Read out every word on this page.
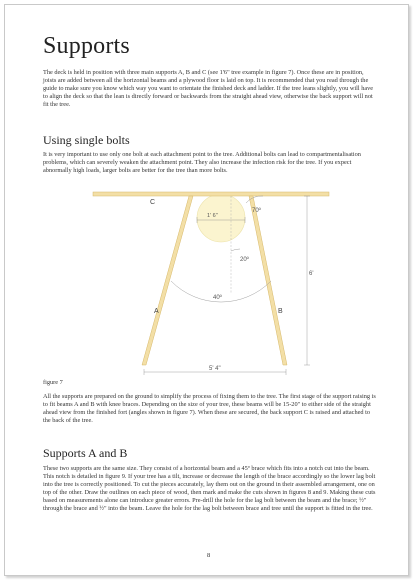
Supports

The deck is held in position with three main supports A, B and C (see 1'6" tree example in figure 7). Once these are in position, joists are added between all the horizontal beams and a plywood floor is laid on top. It is recommended that you read through the guide to make sure you know which way you want to orientate the finished deck and ladder. If the tree leans slightly, you will have to align the deck so that the lean is directly forward or backwards from the straight ahead view, otherwise the back support will not fit the tree.

Using single bolts

It is very important to use only one bolt at each attachment point to the tree. Additional bolts can lead to compartmentalisation problems, which can severely weaken the attachment point. They also increase the infection risk for the tree. If you expect abnormally high loads, larger bolts are better for the tree than more bolts.

1' 6"
70º
20º
40º
6'
5' 4"
C
A	B
figure 7

All the supports are prepared on the ground to simplify the process of fixing them to the tree. The first stage of the support raising is to fit beams A and B with knee braces. Depending on the size of your tree, these beams will be 15-20" to either side of the straight ahead view from the finished fort (angles shown in figure 7). When these are secured, the back support C is raised and attached to the back of the tree.

Supports A and B

These two supports are the same size. They consist of a horizontal beam and a 45º brace which fits into a notch cut into the beam. This notch is detailed in figure 9. If your tree has a tilt, increase or decrease the length of the brace accordingly so the lower lag bolt into the tree is correctly positioned. To cut the pieces accurately, lay them out on the ground in their assembled arrangement, one on top of the other. Draw the outlines on each piece of wood, then mark and make the cuts shown in figures 8 and 9. Making these cuts based on measurements alone can introduce greater errors. Pre-drill the hole for the lag bolt between the beam and the brace; ½" through the brace and ½" into the beam. Leave the hole for the lag bolt between brace and tree until the support is fitted in the tree.

8
